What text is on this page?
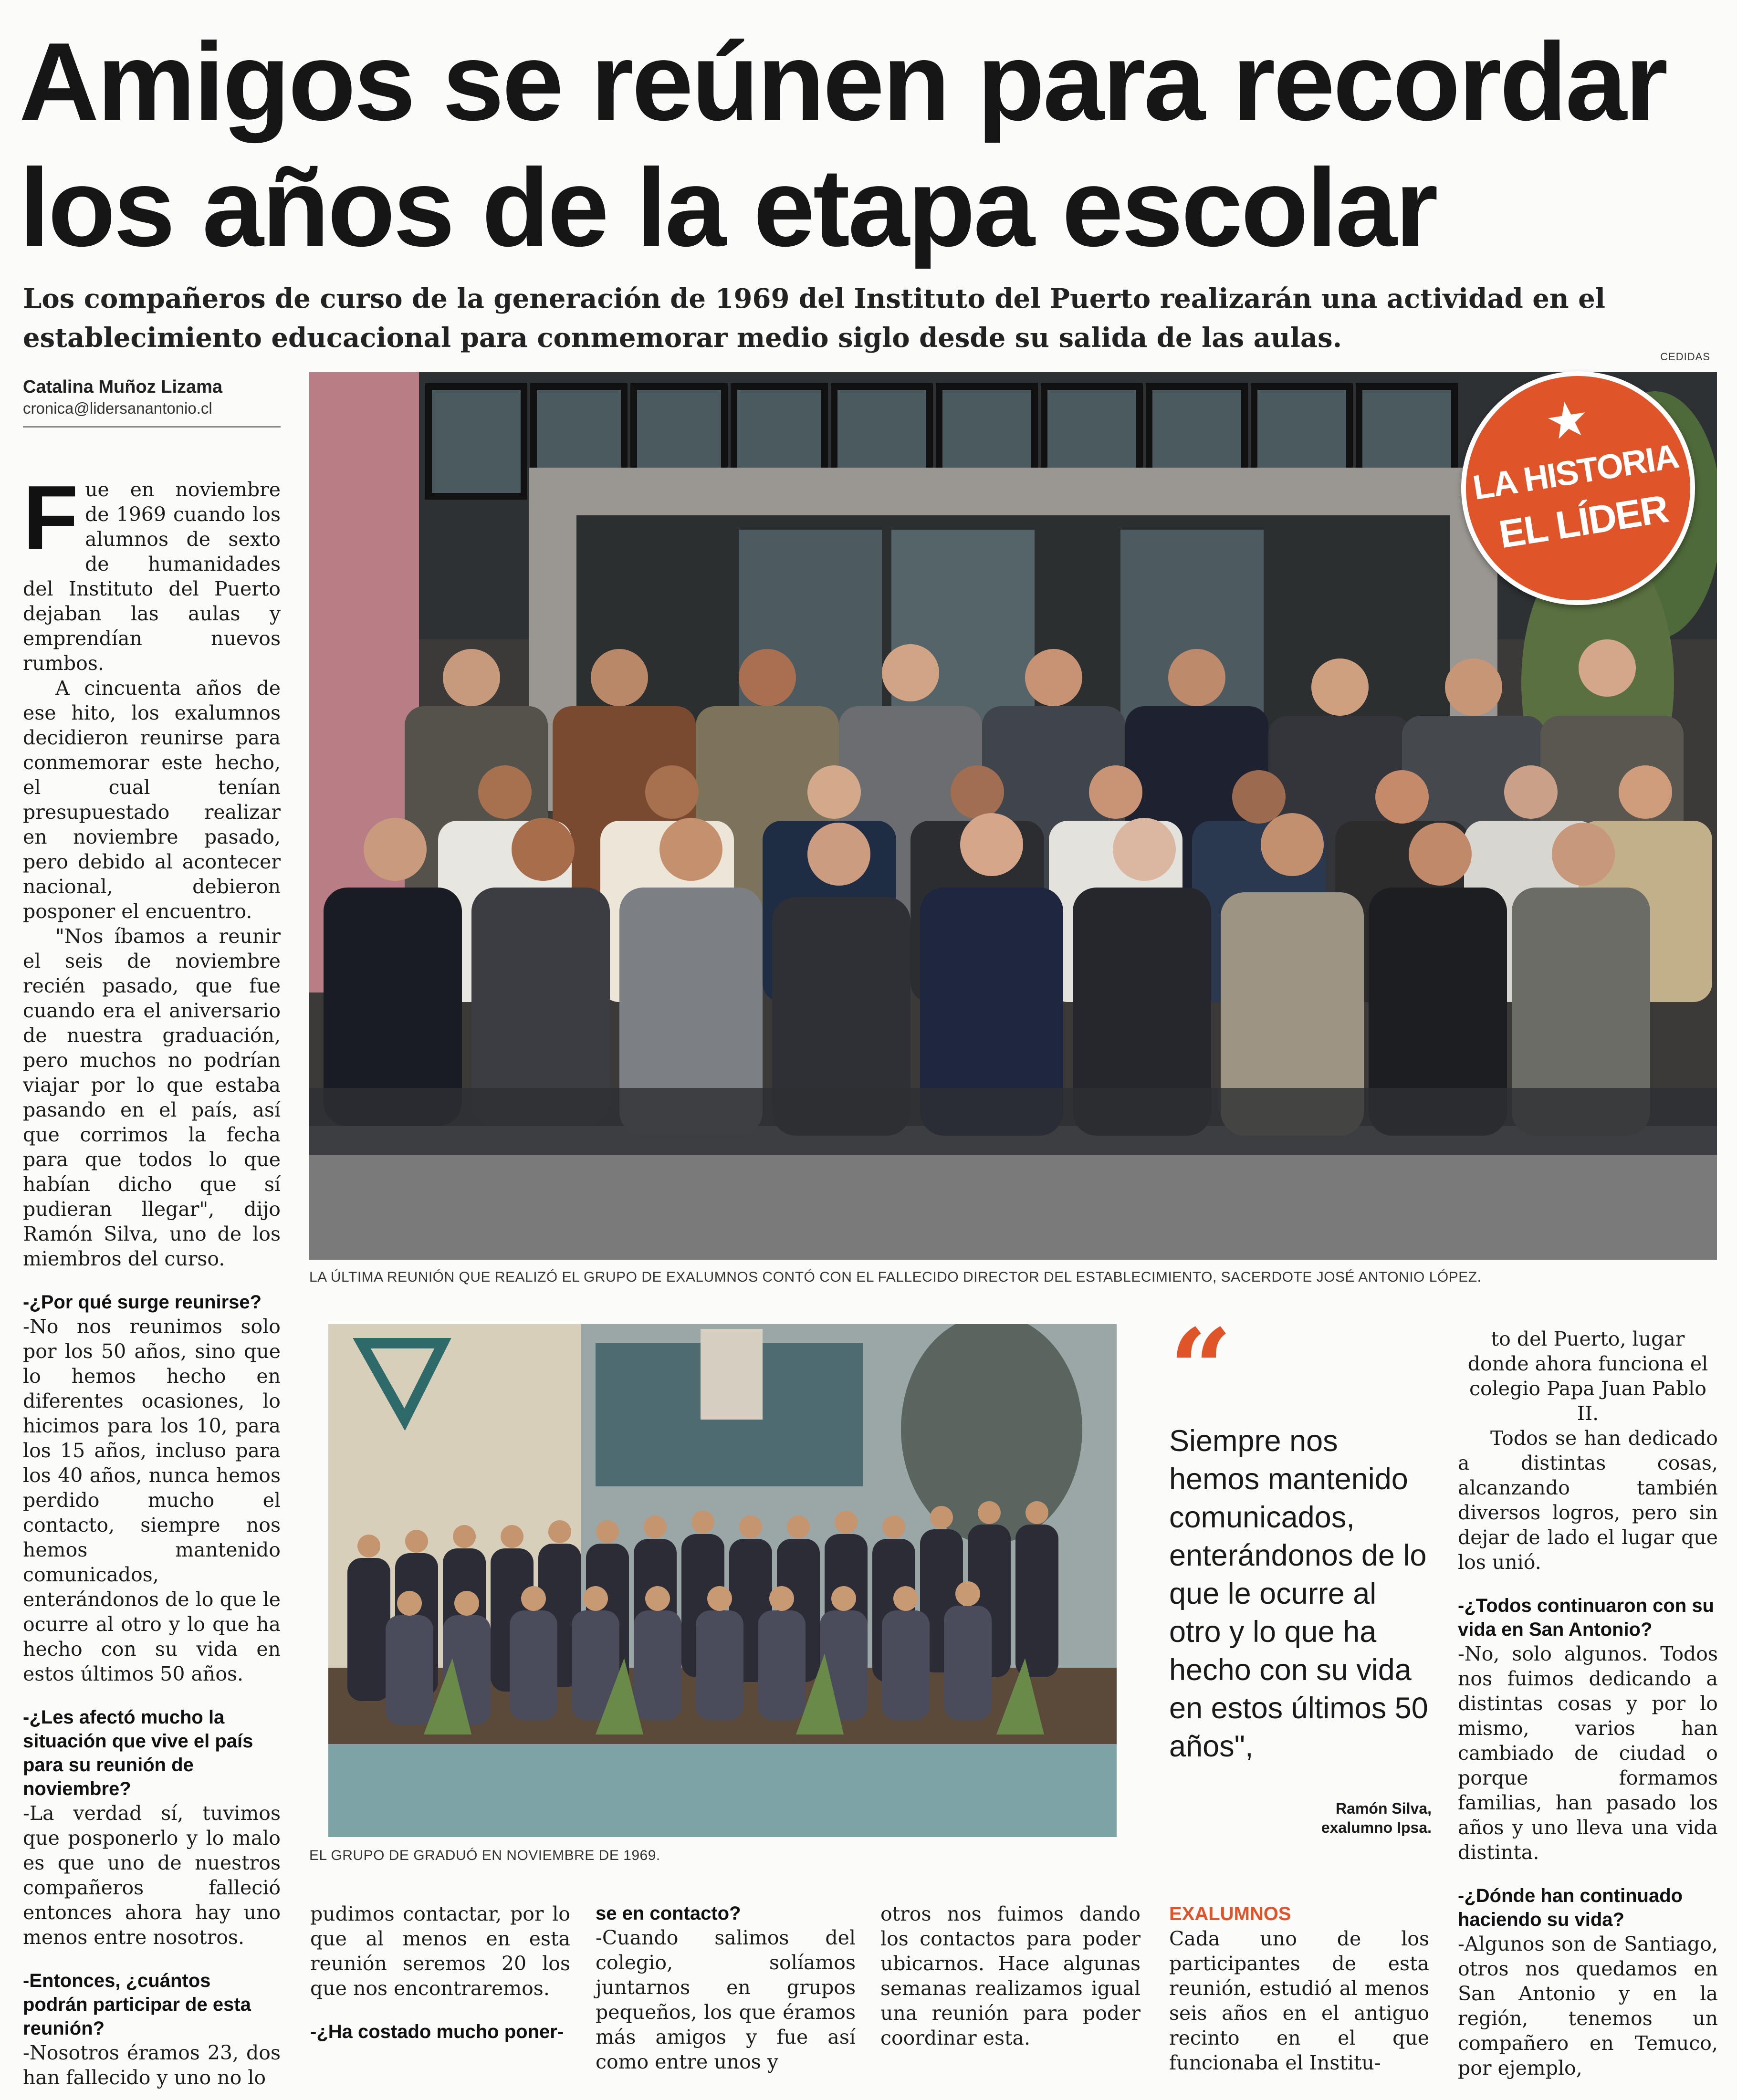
Amigos se reúnen para recordar
los años de la etapa escolar
Los compañeros de curso de la generación de 1969 del Instituto del Puerto realizarán una actividad en el establecimiento educacional para conmemorar medio siglo desde su salida de las aulas.
CEDIDAS
Catalina Muñoz Lizama
cronica@lidersanantonio.cl

Fue en noviembre de 1969 cuando los alumnos de sexto de humanidades del Instituto del Puerto dejaban las aulas y emprendían nuevos rumbos.

A cincuenta años de ese hito, los exalumnos decidieron reunirse para conmemorar este hecho, el cual tenían presupuestado realizar en noviembre pasado, pero debido al acontecer nacional, debieron posponer el encuentro.

"Nos íbamos a reunir el seis de noviembre recién pasado, que fue cuando era el aniversario de nuestra graduación, pero muchos no podrían viajar por lo que estaba pasando en el país, así que corrimos la fecha para que todos lo que habían dicho que sí pudieran llegar", dijo Ramón Silva, uno de los miembros del curso.

-¿Por qué surge reunirse?

-No nos reunimos solo por los 50 años, sino que lo hemos hecho en diferentes ocasiones, lo hicimos para los 10, para los 15 años, incluso para los 40 años, nunca hemos perdido mucho el contacto, siempre nos hemos mantenido comunicados, enterándonos de lo que le ocurre al otro y lo que ha hecho con su vida en estos últimos 50 años.

-¿Les afectó mucho la situación que vive el país para su reunión de noviembre?

-La verdad sí, tuvimos que posponerlo y lo malo es que uno de nuestros compañeros falleció entonces ahora hay uno menos entre nosotros.

-Entonces, ¿cuántos podrán participar de esta reunión?

-Nosotros éramos 23, dos han fallecido y uno no lo

LA HISTORIA
EL LÍDER
LA ÚLTIMA REUNIÓN QUE REALIZÓ EL GRUPO DE EXALUMNOS CONTÓ CON EL FALLECIDO DIRECTOR DEL ESTABLECIMIENTO, SACERDOTE JOSÉ ANTONIO LÓPEZ.
EL GRUPO DE GRADUÓ EN NOVIEMBRE DE 1969.
“
Siempre nos hemos mantenido comunicados, enterándonos de lo que le ocurre al otro y lo que ha hecho con su vida en estos últimos 50 años",
Ramón Silva,
exalumno Ipsa.

to del Puerto, lugar donde ahora funciona el colegio Papa Juan Pablo II.

Todos se han dedicado a distintas cosas, alcanzando también diversos logros, pero sin dejar de lado el lugar que los unió.

-¿Todos continuaron con su vida en San Antonio?

-No, solo algunos. Todos nos fuimos dedicando a distintas cosas y por lo mismo, varios han cambiado de ciudad o porque formamos familias, han pasado los años y uno lleva una vida distinta.

-¿Dónde han continuado haciendo su vida?

-Algunos son de Santiago, otros nos quedamos en San Antonio y en la región, tenemos un compañero en Temuco, por ejemplo,

pudimos contactar, por lo que al menos en esta reunión seremos 20 los que nos encontraremos.

-¿Ha costado mucho poner-
se en contacto?

-Cuando salimos del colegio, solíamos juntarnos en grupos pequeños, los que éramos más amigos y fue así como entre unos y

otros nos fuimos dando los contactos para poder ubicarnos. Hace algunas semanas realizamos igual una reunión para poder coordinar esta.

EXALUMNOS

Cada uno de los participantes de esta reunión, estudió al menos seis años en el antiguo recinto en el que funcionaba el Institu-
